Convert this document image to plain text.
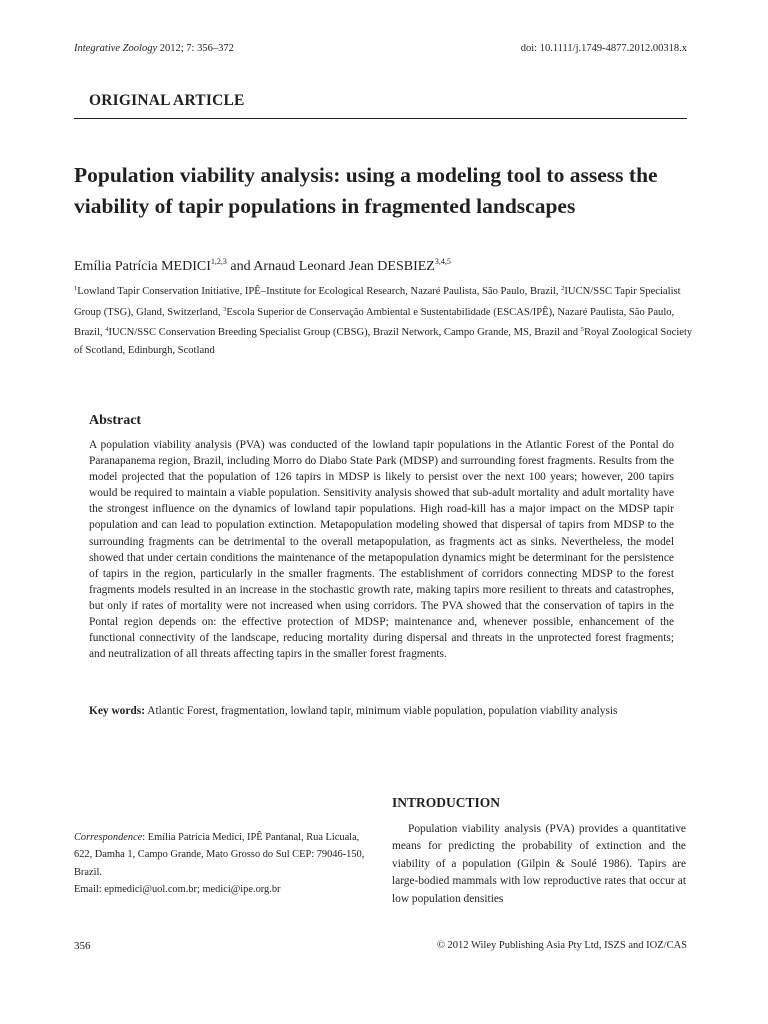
Integrative Zoology 2012; 7: 356–372	doi: 10.1111/j.1749-4877.2012.00318.x
ORIGINAL ARTICLE
Population viability analysis: using a modeling tool to assess the viability of tapir populations in fragmented landscapes
Emília Patrícia MEDICI$^{1,2,3}$ and Arnaud Leonard Jean DESBIEZ$^{3,4,5}$
$^1$Lowland Tapir Conservation Initiative, IPÊ–Institute for Ecological Research, Nazaré Paulista, São Paulo, Brazil, $^2$IUCN/SSC Tapir Specialist Group (TSG), Gland, Switzerland, $^3$Escola Superior de Conservação Ambiental e Sustentabilidade (ESCAS/IPÊ), Nazaré Paulista, São Paulo, Brazil, $^4$IUCN/SSC Conservation Breeding Specialist Group (CBSG), Brazil Network, Campo Grande, MS, Brazil and $^5$Royal Zoological Society of Scotland, Edinburgh, Scotland
Abstract
A population viability analysis (PVA) was conducted of the lowland tapir populations in the Atlantic Forest of the Pontal do Paranapanema region, Brazil, including Morro do Diabo State Park (MDSP) and surrounding forest fragments. Results from the model projected that the population of 126 tapirs in MDSP is likely to persist over the next 100 years; however, 200 tapirs would be required to maintain a viable population. Sensitivity analysis showed that sub-adult mortality and adult mortality have the strongest influence on the dynamics of lowland tapir populations. High road-kill has a major impact on the MDSP tapir population and can lead to population extinction. Metapopulation modeling showed that dispersal of tapirs from MDSP to the surrounding fragments can be detrimental to the overall metapopulation, as fragments act as sinks. Nevertheless, the model showed that under certain conditions the maintenance of the metapopulation dynamics might be determinant for the persistence of tapirs in the region, particularly in the smaller fragments. The establishment of corridors connecting MDSP to the forest fragments models resulted in an increase in the stochastic growth rate, making tapirs more resilient to threats and catastrophes, but only if rates of mortality were not increased when using corridors. The PVA showed that the conservation of tapirs in the Pontal region depends on: the effective protection of MDSP; maintenance and, whenever possible, enhancement of the functional connectivity of the landscape, reducing mortality during dispersal and threats in the unprotected forest fragments; and neutralization of all threats affecting tapirs in the smaller forest fragments.
Key words: Atlantic Forest, fragmentation, lowland tapir, minimum viable population, population viability analysis
INTRODUCTION
Population viability analysis (PVA) provides a quantitative means for predicting the probability of extinction and the viability of a population (Gilpin & Soulé 1986). Tapirs are large-bodied mammals with low reproductive rates that occur at low population densities
Correspondence: Emília Patrícia Medici, IPÊ Pantanal, Rua Licuala, 622, Damha 1, Campo Grande, Mato Grosso do Sul CEP: 79046-150, Brazil.
Email: epmedici@uol.com.br; medici@ipe.org.br
356	© 2012 Wiley Publishing Asia Pty Ltd, ISZS and IOZ/CAS
